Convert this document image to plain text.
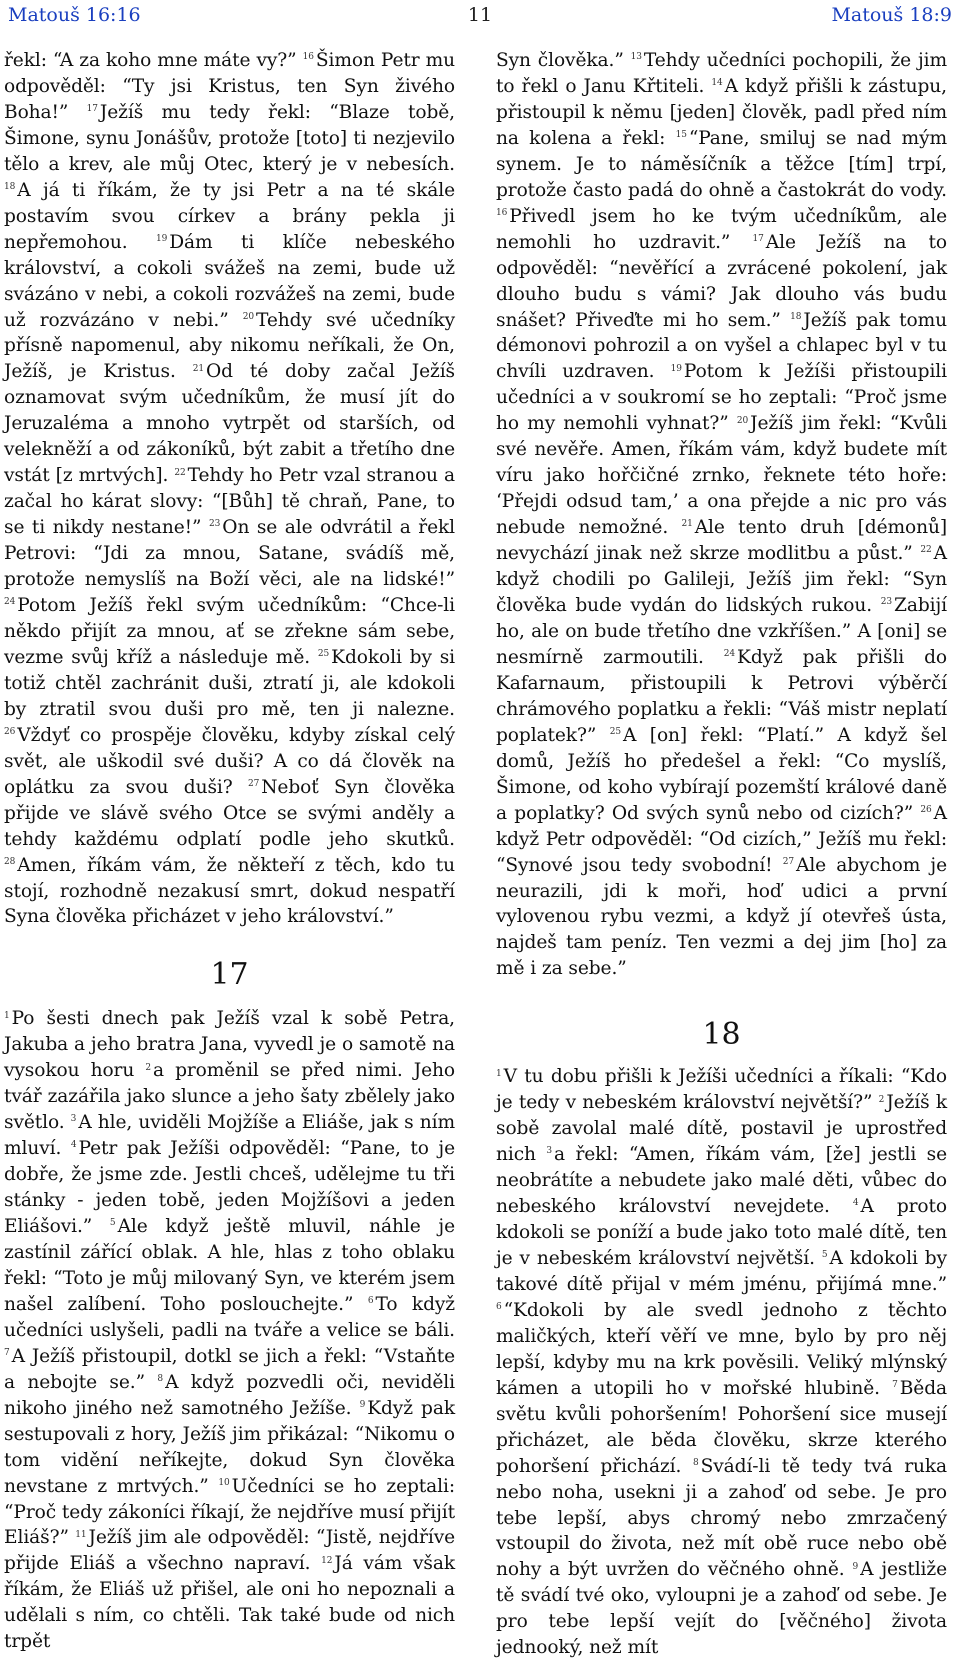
Matouš 16:16	11	Matouš 18:9

řekl: “A za koho mne máte vy?” $^{16}$ Šimon Petr mu odpověděl: “Ty jsi Kristus, ten Syn živého Boha!” $^{17}$ Ježíš mu tedy řekl: “Blaze tobě, Šimone, synu Jonášův, protože [toto] ti nezjevilo tělo a krev, ale můj Otec, který je v nebesích. $^{18}$ A já ti říkám, že ty jsi Petr a na té skále postavím svou církev a brány pekla ji nepřemohou.	$^{19}$ Dám ti klíče nebeského království, a cokoli svážeš na zemi, bude už svázáno v nebi, a cokoli rozvážeš na zemi, bude už rozvázáno v nebi.” $^{20}$ Tehdy své učedníky přísně napomenul, aby nikomu neříkali, že On, Ježíš, je Kristus. $^{21}$ Od té doby začal Ježíš oznamovat svým učedníkům, že musí jít do Jeruzaléma a mnoho vytrpět od starších, od velekněží a od zákoníků, být zabit a třetího dne vstát [z mrtvých]. $^{22}$ Tehdy ho Petr vzal stranou a začal ho kárat slovy: “[Bůh] tě chraň, Pane, to se ti nikdy nestane!” $^{23}$ On se ale odvrátil a řekl Petrovi: “Jdi za mnou, Satane, svádíš mě, protože nemyslíš na Boží věci, ale na lidské!” $^{24}$ Potom Ježíš řekl svým učedníkům: “Chce-li někdo přijít za mnou, ať se zřekne sám sebe, vezme svůj kříž a následuje mě. $^{25}$ Kdokoli by si totiž chtěl zachránit duši, ztratí ji, ale kdokoli by ztratil svou duši pro mě, ten ji nalezne. $^{26}$ Vždyť co prospěje člověku, kdyby získal celý svět, ale uškodil své duši? A co dá člověk na oplátku za svou duši? $^{27}$ Neboť Syn člověka přijde ve slávě svého Otce se svými anděly a tehdy každému odplatí podle jeho skutků. $^{28}$ Amen, říkám vám, že někteří z těch, kdo tu stojí, rozhodně nezakusí smrt, dokud nespatří Syna člověka přicházet v jeho království.”

17

$^1$ Po šesti dnech pak Ježíš vzal k sobě Petra, Jakuba a jeho bratra Jana, vyvedl je o samotě na vysokou horu $^2$ a proměnil se před nimi. Jeho tvář zazářila jako slunce a jeho šaty zbělely jako světlo. $^3$ A hle, uviděli Mojžíše a Eliáše, jak s ním mluví. $^4$ Petr pak Ježíši odpověděl: “Pane, to je dobře, že jsme zde. Jestli chceš, udělejme tu tři stánky - jeden tobě, jeden Mojžíšovi a jeden Eliášovi.” $^5$ Ale když ještě mluvil, náhle je zastínil zářící oblak. A hle, hlas z toho oblaku řekl: “Toto je můj milovaný Syn, ve kterém jsem našel zalíbení. Toho poslouchejte.” $^6$ To když učedníci uslyšeli, padli na tváře a velice se báli. $^7$ A Ježíš přistoupil, dotkl se jich a řekl: “Vstaňte a nebojte se.” $^8$ A když pozvedli oči, neviděli nikoho jiného než samotného Ježíše. $^9$ Když pak sestupovali z hory, Ježíš jim přikázal: “Nikomu o tom vidění neříkejte, dokud Syn člověka nevstane z mrtvých.” $^{10}$ Učedníci se ho zeptali: “Proč tedy zákoníci říkají, že nejdříve musí přijít Eliáš?” $^{11}$ Ježíš jim ale odpověděl: “Jistě, nejdříve přijde Eliáš a všechno napraví. $^{12}$ Já vám však říkám, že Eliáš už přišel, ale oni ho nepoznali a udělali s ním, co chtěli. Tak také bude od nich trpět

Syn člověka.” $^{13}$ Tehdy učedníci pochopili, že jim to řekl o Janu Křtiteli. $^{14}$ A když přišli k zástupu, přistoupil k němu [jeden] člověk, padl před ním na kolena a řekl: $^{15}$ “Pane, smiluj se nad mým synem. Je to náměsíčník a těžce [tím] trpí, protože často padá do ohně a častokrát do vody. $^{16}$ Přivedl jsem ho ke tvým učedníkům, ale nemohli ho uzdravit.” $^{17}$ Ale Ježíš na to odpověděl: “nevěřící a zvrácené pokolení, jak dlouho budu s vámi? Jak dlouho vás budu snášet? Přiveďte mi ho sem.” $^{18}$ Ježíš pak tomu démonovi pohrozil a on vyšel a chlapec byl v tu chvíli uzdraven. $^{19}$ Potom k Ježíši přistoupili učedníci a v soukromí se ho zeptali: “Proč jsme ho my nemohli vyhnat?” $^{20}$ Ježíš jim řekl: “Kvůli své nevěře. Amen, říkám vám, když budete mít víru jako hořčičné zrnko, řeknete této hoře: ‘Přejdi odsud tam,’ a ona přejde a nic pro vás nebude nemožné. $^{21}$ Ale tento druh [démonů] nevychází jinak než skrze modlitbu a půst.” $^{22}$ A když chodili po Galileji, Ježíš jim řekl: “Syn člověka bude vydán do lidských rukou. $^{23}$ Zabijí ho, ale on bude třetího dne vzkříšen.” A [oni] se nesmírně zarmoutili. $^{24}$ Když pak přišli do Kafarnaum, přistoupili k Petrovi výběrčí chrámového poplatku a řekli: “Váš mistr neplatí poplatek?” $^{25}$ A [on] řekl: “Platí.” A když šel domů, Ježíš ho předešel a řekl: “Co myslíš, Šimone, od koho vybírají pozemští králové daně a poplatky? Od svých synů nebo od cizích?” $^{26}$ A když Petr odpověděl: “Od cizích,” Ježíš mu řekl: “Synové jsou tedy svobodní! $^{27}$ Ale abychom je neurazili, jdi k moři, hoď udici a první vylovenou rybu vezmi, a když jí otevřeš ústa, najdeš tam peníz. Ten vezmi a dej jim [ho] za mě i za sebe.”

18

$^1$ V tu dobu přišli k Ježíši učedníci a říkali: “Kdo je tedy v nebeském království největší?” $^2$ Ježíš k sobě zavolal malé dítě, postavil je uprostřed nich $^3$ a řekl: “Amen, říkám vám, [že] jestli se neobrátíte a nebudete jako malé děti, vůbec do nebeského království nevejdete.	$^4$ A proto kdokoli se poníží a bude jako toto malé dítě, ten je v nebeském království největší. $^5$ A kdokoli by takové dítě přijal v mém jménu, přijímá mne.” $^6$ “Kdokoli by ale svedl jednoho z těchto maličkých, kteří věří ve mne, bylo by pro něj lepší, kdyby mu na krk pověsili. Veliký mlýnský kámen a utopili ho v mořské hlubině. $^7$ Běda světu kvůli pohoršením! Pohoršení sice musejí přicházet, ale běda člověku, skrze kterého pohoršení přichází. $^8$ Svádí-li tě tedy tvá ruka nebo noha, usekni ji a zahoď od sebe. Je pro tebe lepší, abys chromý nebo zmrzačený vstoupil do života, než mít obě ruce nebo obě nohy a být uvržen do věčného ohně. $^9$ A jestliže tě svádí tvé oko, vyloupni je a zahoď od sebe. Je pro tebe lepší vejít do [věčného] života jednooký, než mít
